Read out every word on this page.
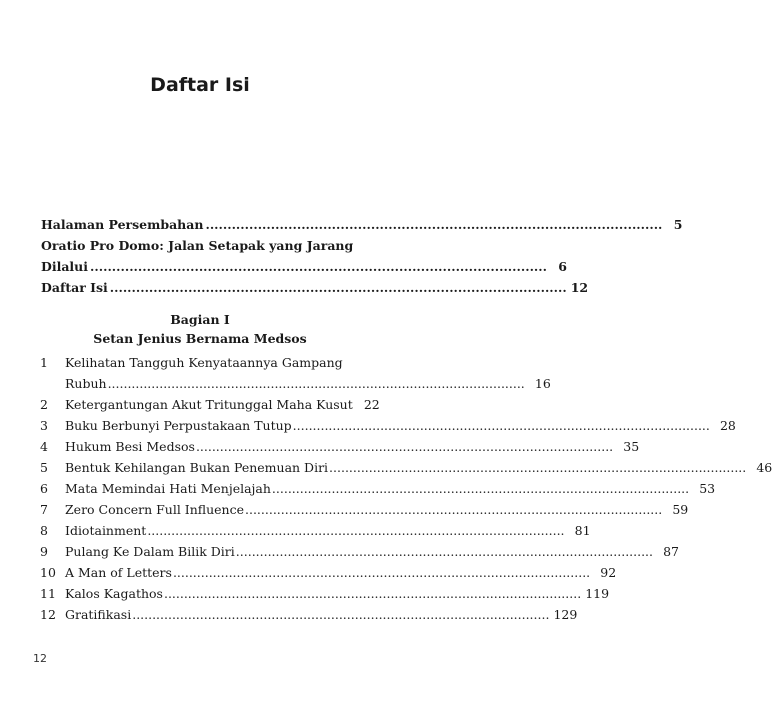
Daftar Isi
Halaman Persembahan ......................................................................................................... 5
Oratio Pro Domo: Jalan Setapak yang Jarang
Dilalui ......................................................................................................... 6
Daftar Isi ......................................................................................................... 12
Bagian I
Setan Jenius Bernama Medsos
1 Kelihatan Tangguh Kenyataannya Gampang
Rubuh ......................................................................................................... 16
2 Ketergantungan Akut Tritunggal Maha Kusut 22
3 Buku Berbunyi Perpustakaan Tutup ......................................................................................................... 28
4 Hukum Besi Medsos ......................................................................................................... 35
5 Bentuk Kehilangan Bukan Penemuan Diri ......................................................................................................... 46
6 Mata Memindai Hati Menjelajah ......................................................................................................... 53
7 Zero Concern Full Influence ......................................................................................................... 59
8 Idiotainment ......................................................................................................... 81
9 Pulang Ke Dalam Bilik Diri ......................................................................................................... 87
10 A Man of Letters ......................................................................................................... 92
11 Kalos Kagathos ......................................................................................................... 119
12 Gratifikasi ......................................................................................................... 129
12
